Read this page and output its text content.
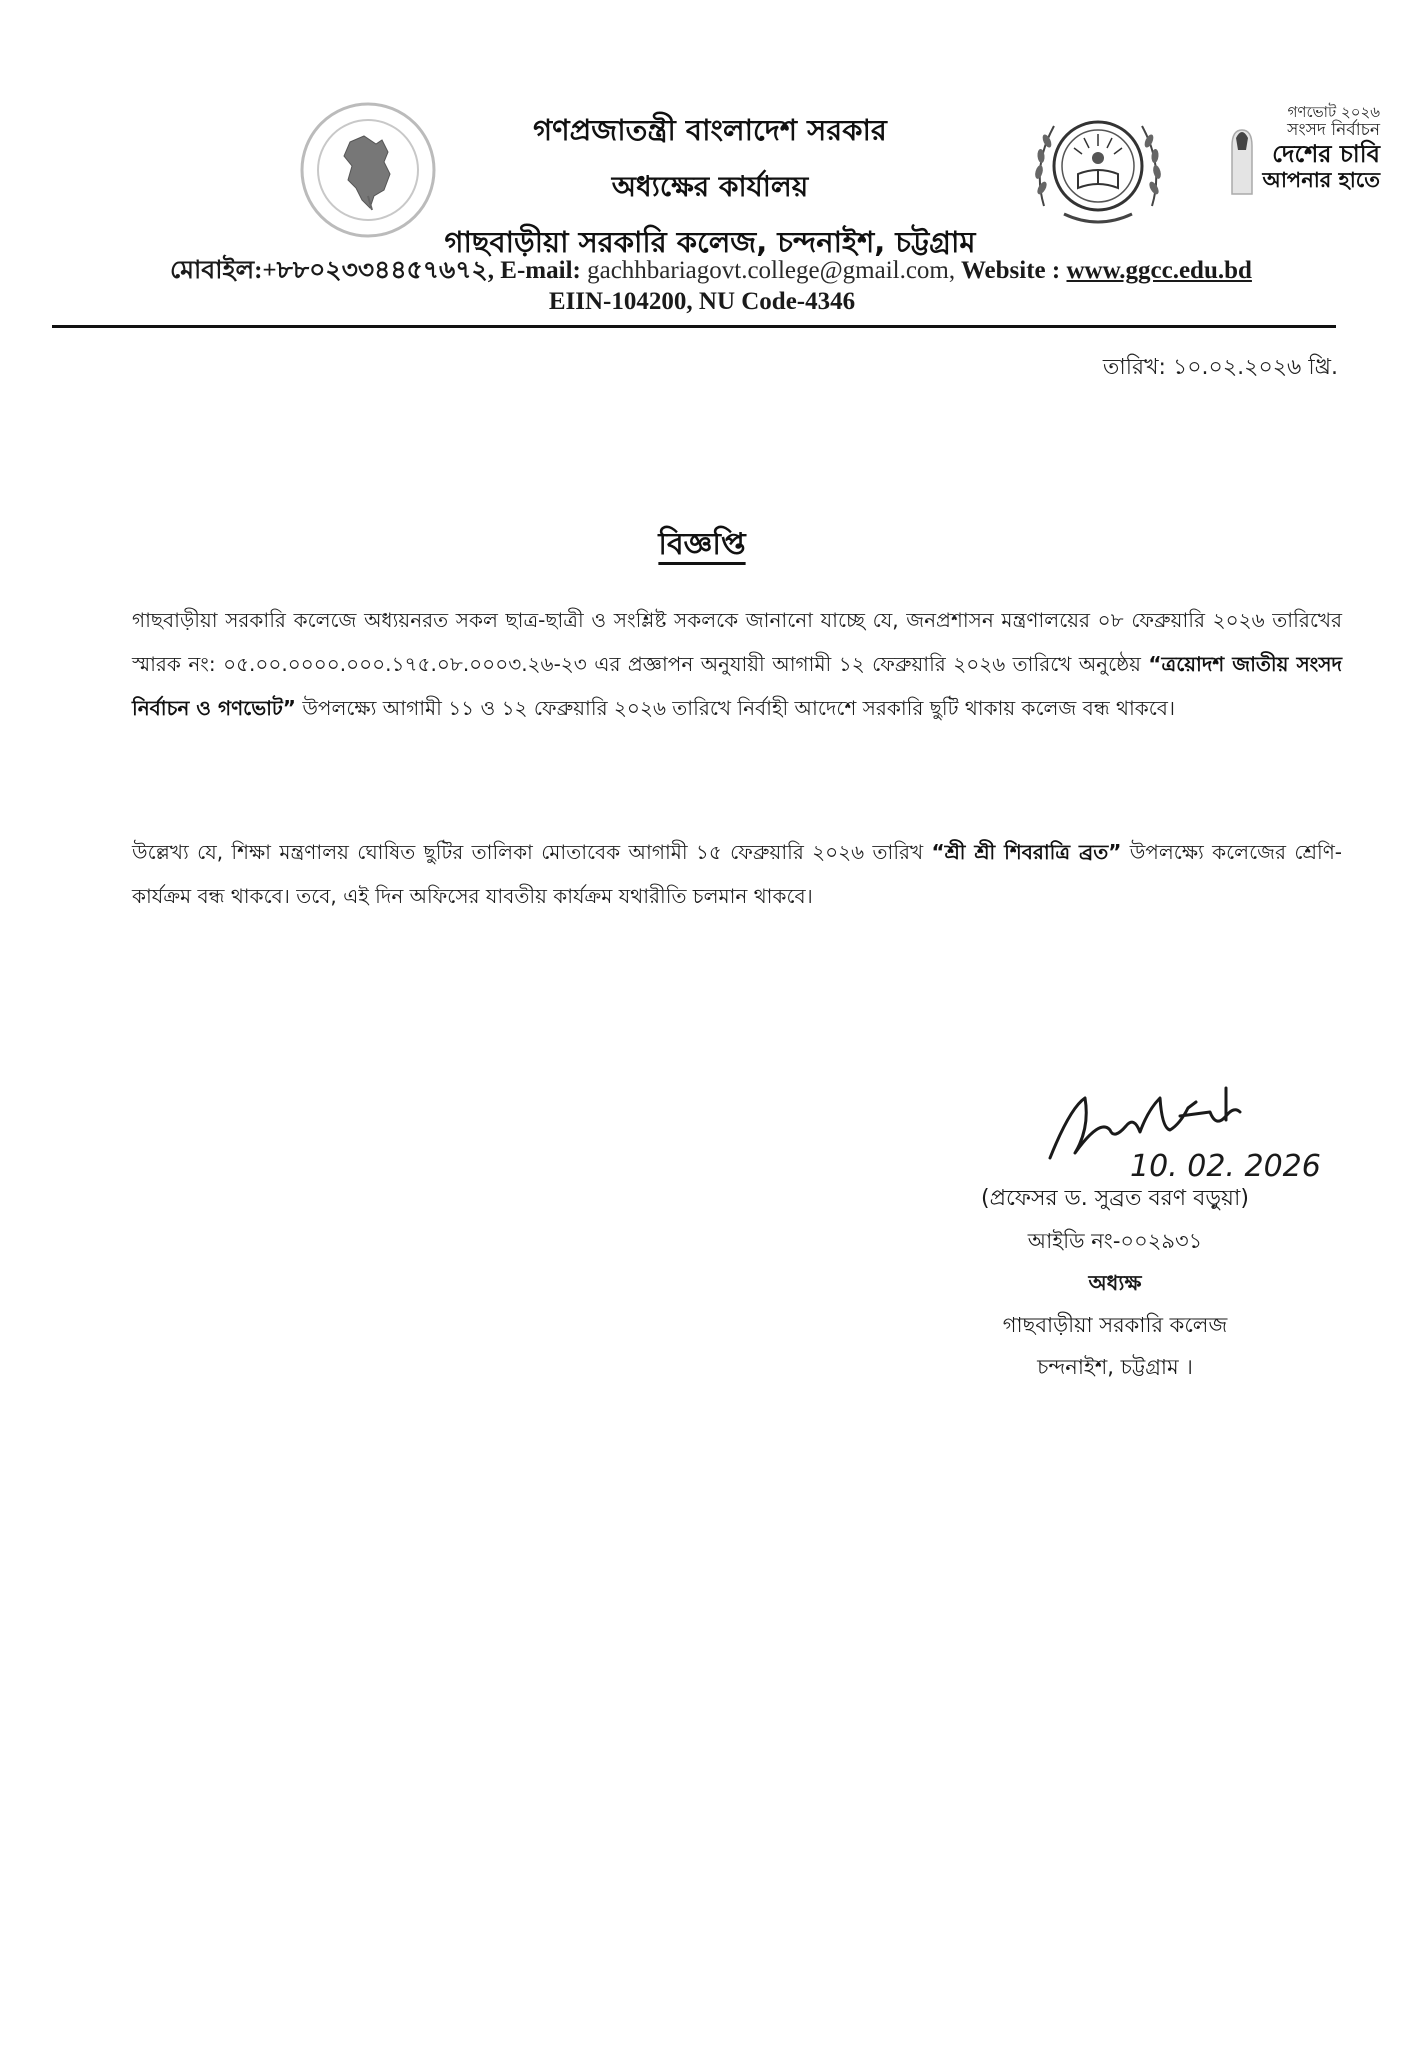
গণপ্রজাতন্ত্রী বাংলাদেশ সরকার
অধ্যক্ষের কার্যালয়
গাছবাড়ীয়া সরকারি কলেজ, চন্দনাইশ, চট্টগ্রাম
গণভোট ২০২৬
সংসদ নির্বাচন
দেশের চাবি
আপনার হাতে
মোবাইল:+৮৮০২৩৩৪৪৫৭৬৭২, E-mail: gachhbariagovt.college@gmail.com, Website : www.ggcc.edu.bd
EIIN-104200, NU Code-4346
তারিখ: ১০.০২.২০২৬ খ্রি.
বিজ্ঞপ্তি
গাছবাড়ীয়া সরকারি কলেজে অধ্যয়নরত সকল ছাত্র-ছাত্রী ও সংশ্লিষ্ট সকলকে জানানো যাচ্ছে যে, জনপ্রশাসন মন্ত্রণালয়ের ০৮ ফেব্রুয়ারি ২০২৬ তারিখের স্মারক নং: ০৫.০০.০০০০.০০০.১৭৫.০৮.০০০৩.২৬-২৩ এর প্রজ্ঞাপন অনুযায়ী আগামী ১২ ফেব্রুয়ারি ২০২৬ তারিখে অনুষ্ঠেয় “ত্রয়োদশ জাতীয় সংসদ নির্বাচন ও গণভোট” উপলক্ষ্যে আগামী ১১ ও ১২ ফেব্রুয়ারি ২০২৬ তারিখে নির্বাহী আদেশে সরকারি ছুটি থাকায় কলেজ বন্ধ থাকবে।
উল্লেখ্য যে, শিক্ষা মন্ত্রণালয় ঘোষিত ছুটির তালিকা মোতাবেক আগামী ১৫ ফেব্রুয়ারি ২০২৬ তারিখ “শ্রী শ্রী শিবরাত্রি ব্রত” উপলক্ষ্যে কলেজের শ্রেণি-কার্যক্রম বন্ধ থাকবে। তবে, এই দিন অফিসের যাবতীয় কার্যক্রম যথারীতি চলমান থাকবে।
10. 02. 2026
(প্রফেসর ড. সুব্রত বরণ বড়ুয়া)
আইডি নং-০০২৯৩১
অধ্যক্ষ
গাছবাড়ীয়া সরকারি কলেজ
চন্দনাইশ, চট্টগ্রাম ।
